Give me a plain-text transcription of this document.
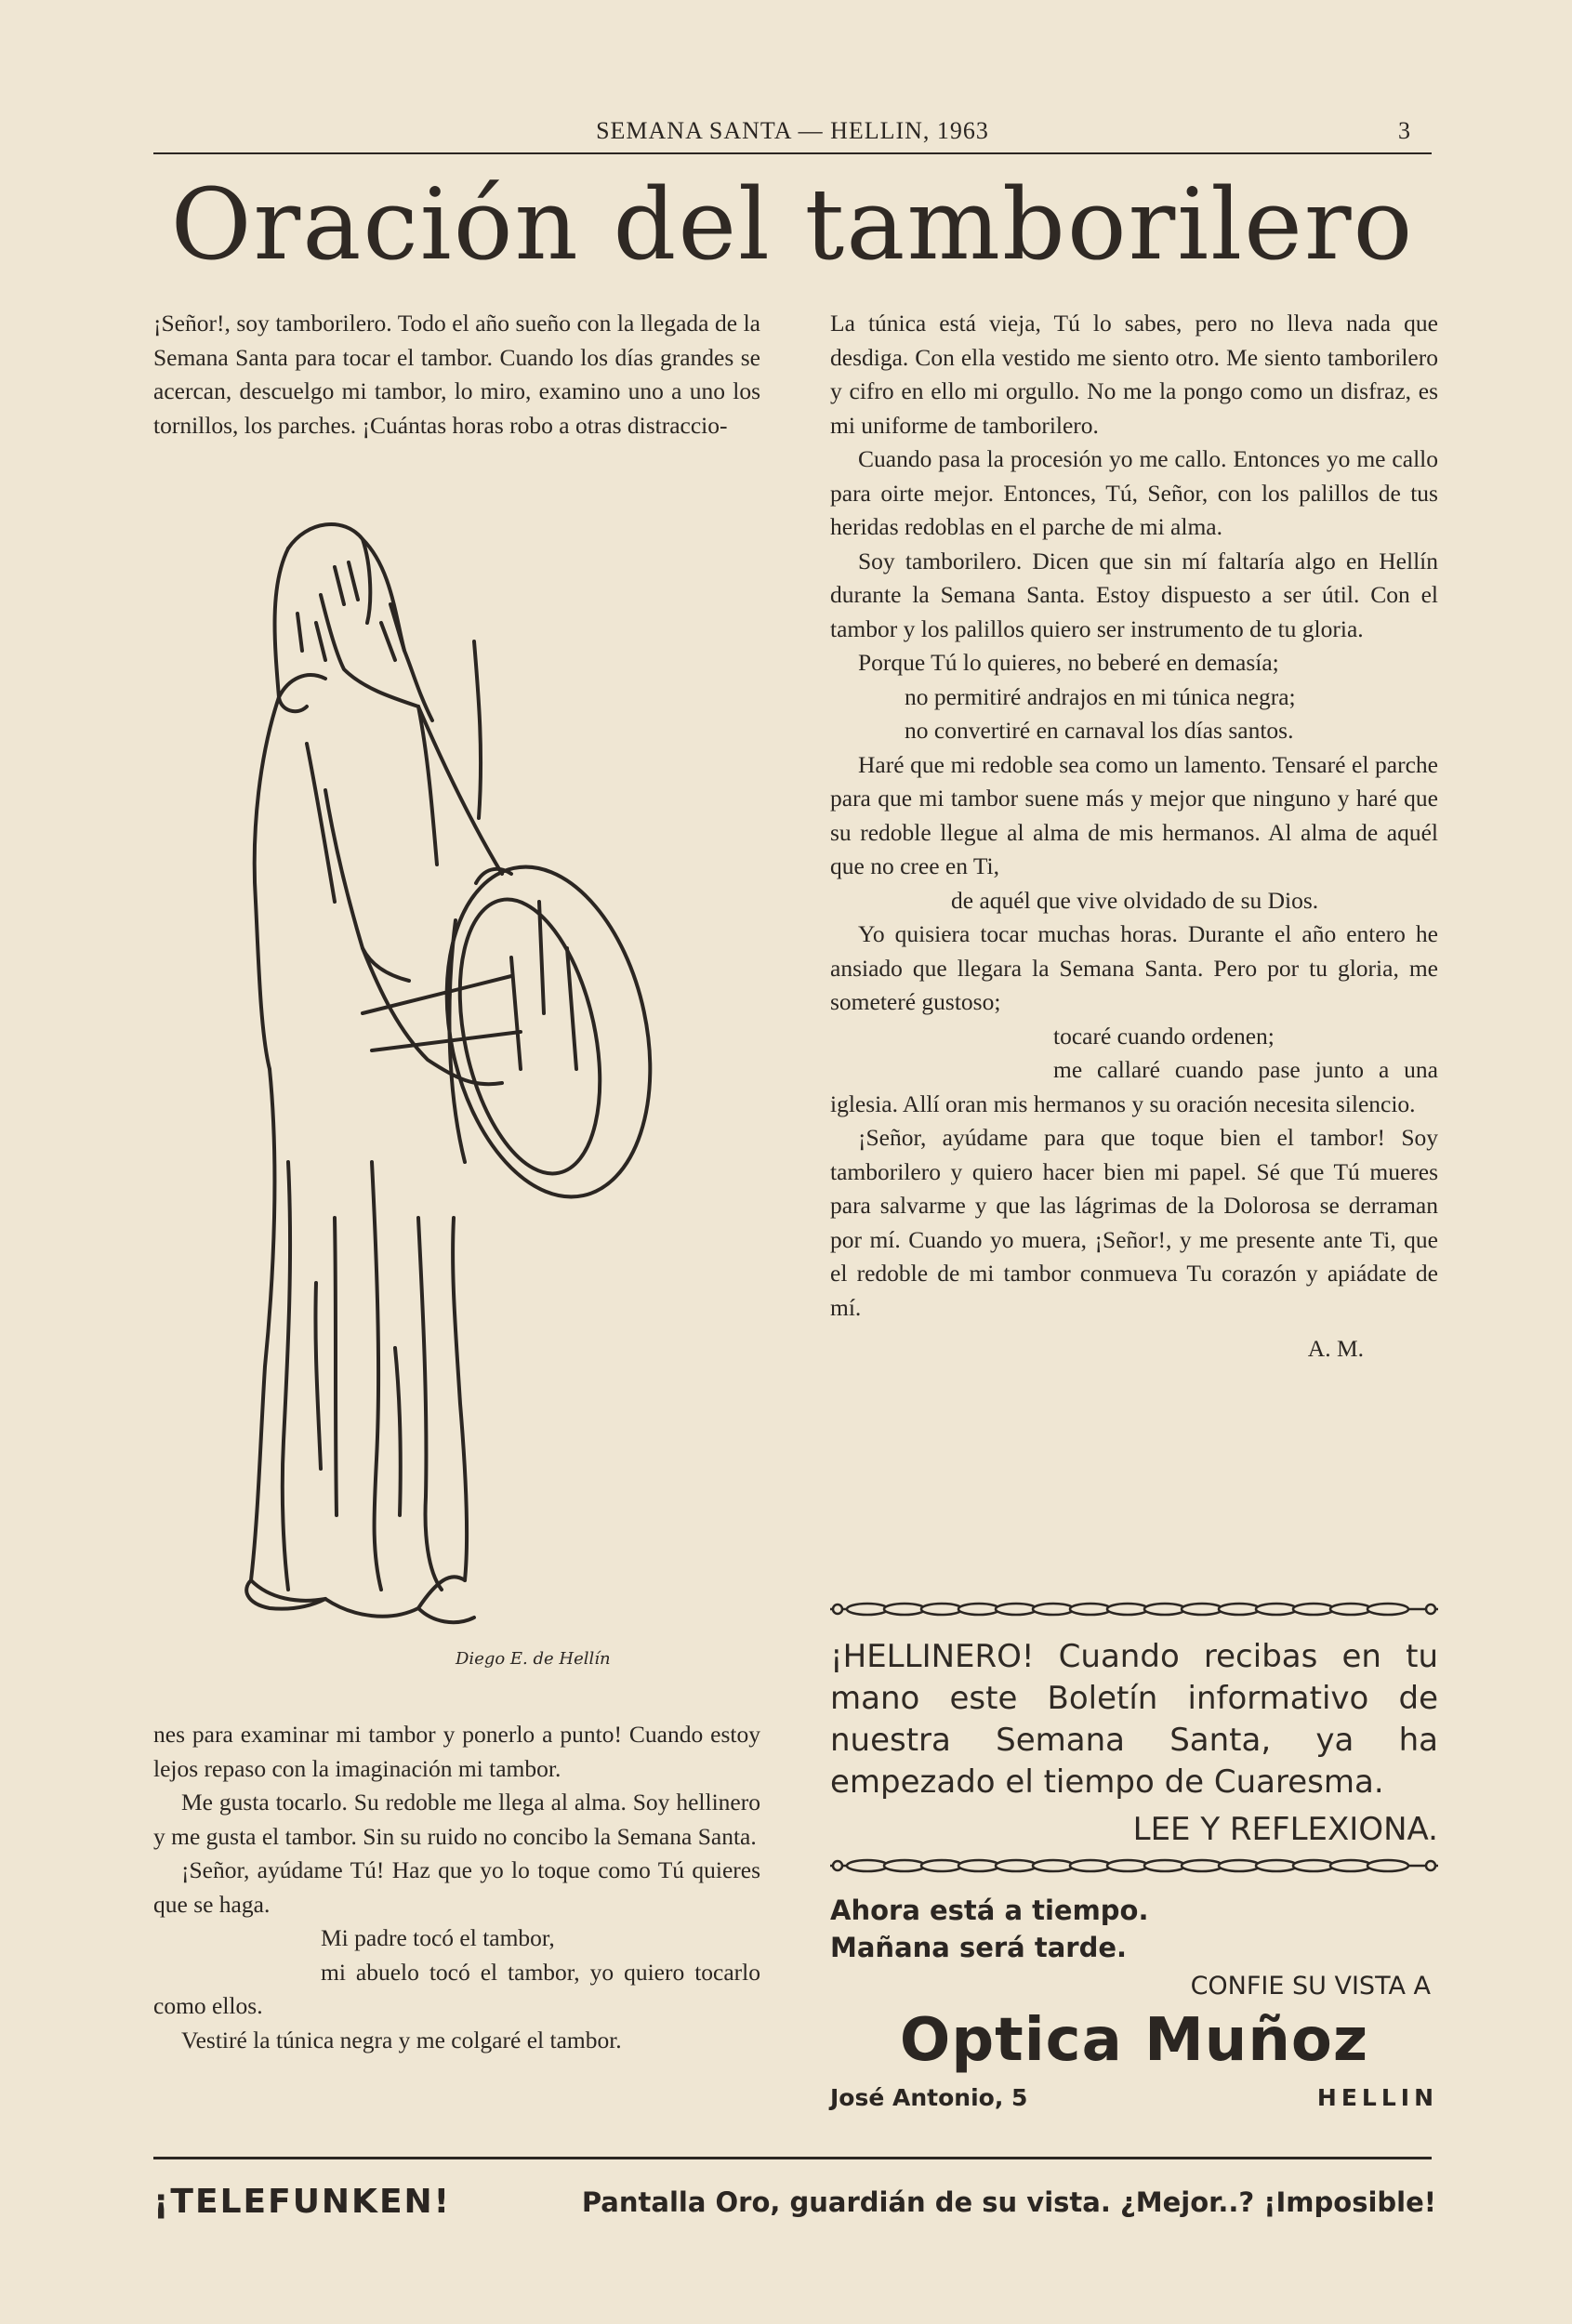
SEMANA SANTA — HELLIN, 1963	3
Oración del tamborilero

¡Señor!, soy tamborilero. Todo el año sueño con la llegada de la Semana Santa para tocar el tambor. Cuando los días grandes se acercan, descuelgo mi tambor, lo miro, examino uno a uno los tornillos, los parches. ¡Cuántas horas robo a otras distraccio-

Diego E. de Hellín

nes para examinar mi tambor y ponerlo a punto! Cuando estoy lejos repaso con la imaginación mi tambor.

Me gusta tocarlo. Su redoble me llega al alma. Soy hellinero y me gusta el tambor. Sin su ruido no concibo la Semana Santa.

¡Señor, ayúdame Tú! Haz que yo lo toque como Tú quieres que se haga.

Mi padre tocó el tambor,

mi abuelo tocó el tambor, yo quiero tocarlo como ellos.

Vestiré la túnica negra y me colgaré el tambor.

La túnica está vieja, Tú lo sabes, pero no lleva nada que desdiga. Con ella vestido me siento otro. Me siento tamborilero y cifro en ello mi orgullo. No me la pongo como un disfraz, es mi uniforme de tamborilero.

Cuando pasa la procesión yo me callo. Entonces yo me callo para oirte mejor. Entonces, Tú, Señor, con los palillos de tus heridas redoblas en el parche de mi alma.

Soy tamborilero. Dicen que sin mí faltaría algo en Hellín durante la Semana Santa. Estoy dispuesto a ser útil. Con el tambor y los palillos quiero ser instrumento de tu gloria.

Porque Tú lo quieres, no beberé en demasía;

no permitiré andrajos en mi túnica negra;

no convertiré en carnaval los días santos.

Haré que mi redoble sea como un lamento. Tensaré el parche para que mi tambor suene más y mejor que ninguno y haré que su redoble llegue al alma de mis hermanos. Al alma de aquél que no cree en Ti,

de aquél que vive olvidado de su Dios.

Yo quisiera tocar muchas horas. Durante el año entero he ansiado que llegara la Semana Santa. Pero por tu gloria, me someteré gustoso;

tocaré cuando ordenen;

me callaré cuando pase junto a una iglesia. Allí oran mis hermanos y su oración necesita silencio.

¡Señor, ayúdame para que toque bien el tambor! Soy tamborilero y quiero hacer bien mi papel. Sé que Tú mueres para salvarme y que las lágrimas de la Dolorosa se derraman por mí. Cuando yo muera, ¡Señor!, y me presente ante Ti, que el redoble de mi tambor conmueva Tu corazón y apiádate de mí.

A. M.

¡HELLINERO! Cuando recibas en tu mano este Boletín informativo de nuestra Semana Santa, ya ha empezado el tiempo de Cuaresma.
LEE Y REFLEXIONA.
Ahora está a tiempo.
Mañana será tarde.
CONFIE SU VISTA A
Optica Muñoz
José Antonio, 5	HELLIN
¡TELEFUNKEN!	Pantalla Oro, guardián de su vista. ¿Mejor..? ¡Imposible!
